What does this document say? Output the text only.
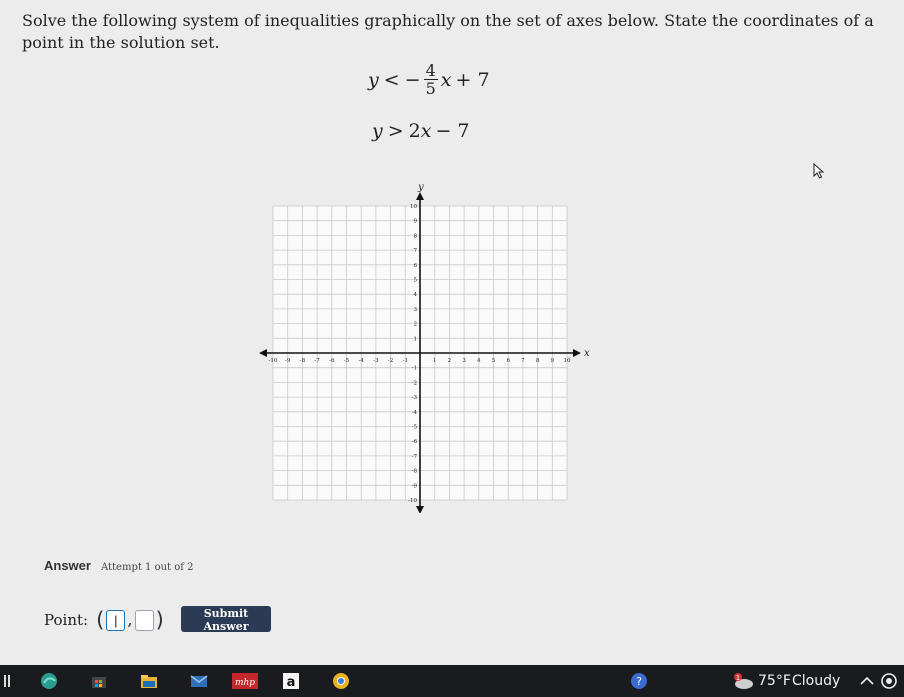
Solve the following system of inequalities graphically on the set of axes below. State the coordinates of a point in the solution set.
y < − $\frac{4}{5}$ x + 7
y > 2 x − 7
-10
-10
-9
-9
-8
-8
-7
-7
-6
-6
-5
-5
-4
-4
-3
-3
-2
-2
-1
-1
1
1
2
2
3
3
4
4
5
5
6
6
7
7
8
8
9
9
10
10
x
y
Answer Attempt 1 out of 2
Point: (
| , )	Submit Answer
mhp a	?	1 75°F Cloudy
